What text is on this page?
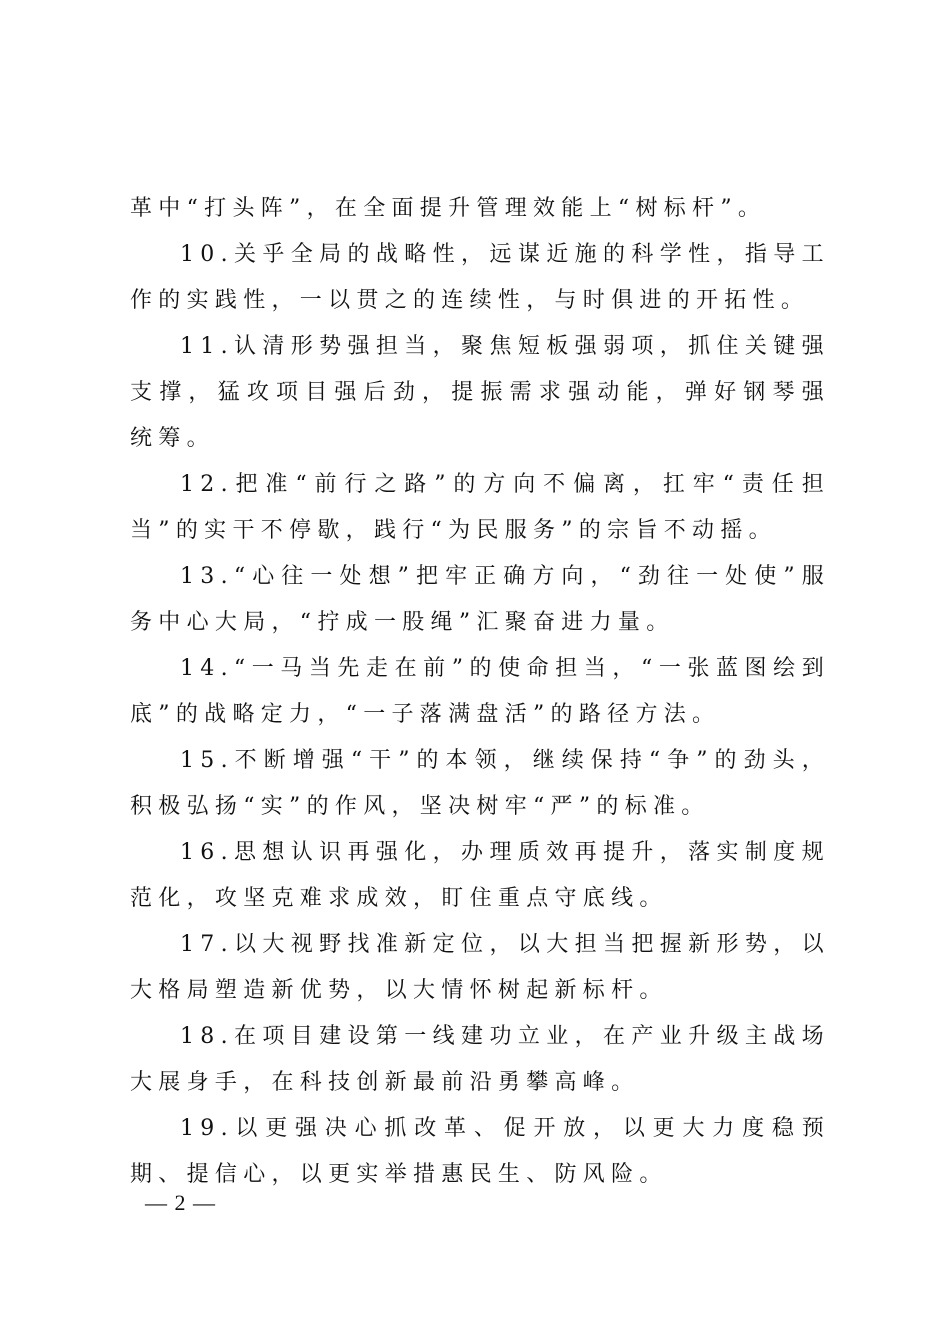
革中“打头阵”，在全面提升管理效能上“树标杆”。

10.关乎全局的战略性，远谋近施的科学性，指导工作的实践性，一以贯之的连续性，与时俱进的开拓性。

11.认清形势强担当，聚焦短板强弱项，抓住关键强支撑，猛攻项目强后劲，提振需求强动能，弹好钢琴强统筹。

12.把准“前行之路”的方向不偏离，扛牢“责任担当”的实干不停歇，践行“为民服务”的宗旨不动摇。

13.“心往一处想”把牢正确方向，“劲往一处使”服务中心大局，“拧成一股绳”汇聚奋进力量。

14.“一马当先走在前”的使命担当，“一张蓝图绘到底”的战略定力，“一子落满盘活”的路径方法。

15.不断增强“干”的本领，继续保持“争”的劲头，积极弘扬“实”的作风，坚决树牢“严”的标准。

16.思想认识再强化，办理质效再提升，落实制度规范化，攻坚克难求成效，盯住重点守底线。

17.以大视野找准新定位，以大担当把握新形势，以大格局塑造新优势，以大情怀树起新标杆。

18.在项目建设第一线建功立业，在产业升级主战场大展身手，在科技创新最前沿勇攀高峰。

19.以更强决心抓改革、促开放，以更大力度稳预期、提信心，以更实举措惠民生、防风险。

— 2 —
